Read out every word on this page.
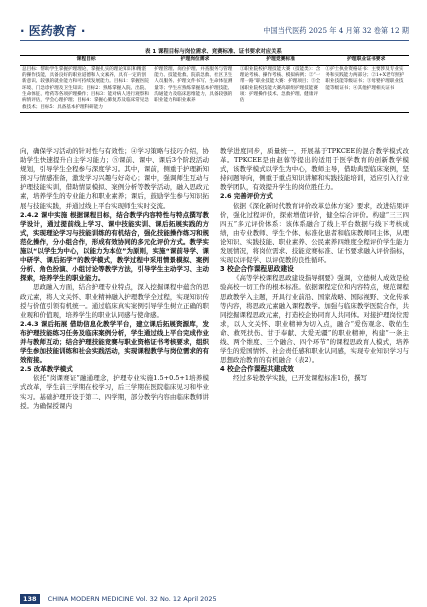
· 医药教育 ·	中国当代医药 2025 年 4 月第 32 卷第 12 期
表 1 课程目标与岗位需求、竞赛标准、证书要求对应关系
课程目标	护理岗位需求	护理竞赛标准	护理职业证书要求
总目标：帮助学生掌握护理理论，掌握扎实的理论知识和精湛的操作技能，具备良好的职业道德和人文素养，具有一定的创新意识、较强的就业能力和可持续发展能力。目标1：掌握医院环境、门急诊护理及卫生知识；目标2：熟练掌握入院、出院、生命体征、给药等各项护理操作；目标3：能对病人进行观察和病情评估，学会心理护理；目标4：掌握心肺复苏及临床常见急救技术；目标5：具备基本护理科研能力	护理管理、岗位护理、并查服务与管理能力、技能抢救、院前急救、社区卫生人员服务、护理文件书写、生命体征测量等；学生应熟练掌握基本护理技能、沟通能力及临床思维能力，具备较强的职业能力和职业素养	①职业院校护理技能大赛（技能类）：含理论考核、操作考核、模拟病例；②“一带一路”职业技能大赛：护理项目；③全国职业院校技能大赛高职组护理技能赛项：护理操作技术、急救护理、健康评估	①护士执业资格证书：主要涉及专业实务和实践能力两部分；②1+X老年照护职业技能等级证书；③母婴护理职业技能等级证书；④其他护理相关证书

向，确保学习活动的针对性与有效性；④学习策略与技巧介绍，协助学生快速提升自主学习能力；⑤课前、课中、课后3个阶段活动规划，引导学生全程参与深度学习。其中，课前，侧重于护理新知预习与情感准备，激发学习兴趣与好奇心；课中，强调师生互动与护理技能实训，借助情景模拟、案例分析等教学活动，融入思政元素，培养学生的专业能力和职业素养；课后，鼓励学生参与知识拓展与技能实践，并通过线上平台实现师生实时交流。

2.4.2 课中实施 根据课程目标，结合教学内容特性与特点撰写教学设计，通过提前线上学习、课中技能实训、课后拓展实践的方式，实现理论学习与技能训练的有机结合，强化技能操作练习和规范化操作，分小组合作，形成有效协同的多元化评价方式。教学实施以“以学生为中心，以能力为本位”为原则，实施“课前导学、课中研学、课后拓学”的教学模式，教学过程中采用情景模拟、案例分析、角色扮演、小组讨论等教学方法，引导学生主动学习、主动探索，培养学生的职业能力。

思政融入方面，结合护理专业特点，深入挖掘课程中蕴含的思政元素，将人文关怀、职业精神融入护理教学全过程，实现知识传授与价值引领有机统一。通过临床真实案例引导学生树立正确的职业观和价值观，培养学生的职业认同感与使命感。

2.4.3 课后拓展 借助信息化教学平台，建立课后拓展资源库，发布护理技能练习任务及临床案例分析，学生通过线上平台完成作业并与教师互动；结合护理技能竞赛与职业资格证书考核要求，组织学生参加技能训练和社会实践活动，实现课程教学与岗位需求的有效衔接。

2.5 改革教学模式

依托“岗课赛证”融通理念，护理专业实施1.5+0.5+1培养模式改革，学生前三学期在校学习，后三学期在医院临床见习和毕业实习。基础护理开设于第二、四学期，部分教学内容由临床教师讲授。为确保授课内

教学进度同步，质量统一，开展基于TPKCEE的混合教学模式改革。TPKCEE是由赵蓉等提出的适用于医学教育的创新教学模式，该教学模式以学生为中心，教师主导，借助典型临床案例，坚持问题导向，侧重于重点知识讲解和实践技能培训，适应引入行业教学团队，有效提升学生的岗位胜任力。

2.6 完善评价方式

依据《深化新时代教育评价改革总体方案》要求，改进结果评价，强化过程评价，探索增值评价，健全综合评价。构建“三三四四五”多元评价体系：该体系融合了线上平台数据与线下考核成绩，由专业教师、学生个体、标准化患者和临床教师同主体，从理论知识、实践技能、职业素养、公民素养四维度全程评价学生能力发展情况，将岗位需求、技能竞赛标准、证书要求融入评价指标，实现以评促学、以评促教的良性循环。

3 校企合作课程思政建设

《高等学校课程思政建设指导纲要》强调，立德树人成效是检验高校一切工作的根本标准。依据课程定位和内容特点，规范课程思政教学入主题，开具行业前沿、国家战略、国际视野、文化传承等内容，将思政元素融入课程教学。加强与临床教学医院合作，共同挖掘课程思政元素，打造校企协同育人共同体。对接护理岗位需求，以人文关怀、职业精神为切入点，融合“爱伤观念、敬佑生命、救死扶伤、甘于奉献、大爱无疆”的职业精神，构建“一条主线、两个维度、三个融合、四个环节”的课程思政育人模式，培养学生的爱国情怀、社会责任感和职业认同感，实现专业知识学习与思想政治教育的有机融合（表2）。

4 校企合作课程共建成效

经过多轮教学实践，已开发课程标准1份，撰写

138 CHINA MODERN MEDICINE Vol. 32 No. 12 April 2025
